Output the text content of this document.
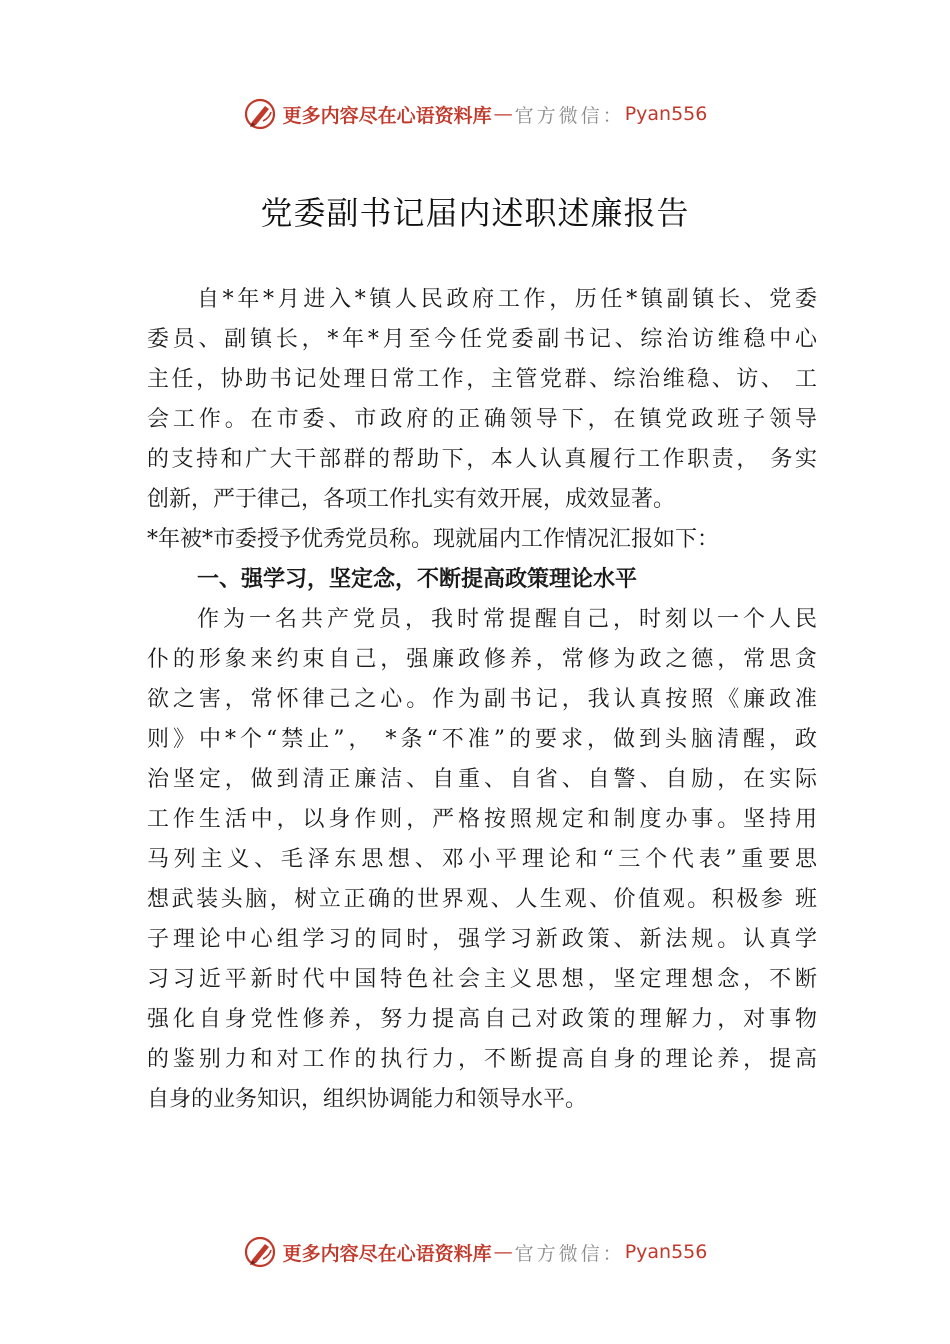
更多内容尽在心语资料库 — 官方微信： Pyan556
党委副书记届内述职述廉报告
自*年*月进入*镇人民政府工作，历任*镇副镇长、党委
委员、副镇长，*年*月至今任党委副书记、综治访维稳中心
主任，协助书记处理日常工作，主管党群、综治维稳、访、 工
会工作。在市委、市政府的正确领导下，在镇党政班子领导
的支持和广大干部群的帮助下，本人认真履行工作职责， 务实
创新，严于律己，各项工作扎实有效开展，成效显著。
*年被*市委授予优秀党员称。现就届内工作情况汇报如下：
一、强学习，坚定念，不断提高政策理论水平
作为一名共产党员，我时常提醒自己，时刻以一个人民
仆的形象来约束自己，强廉政修养，常修为政之德，常思贪
欲之害，常怀律己之心。作为副书记，我认真按照《廉政准
则》中*个“禁止”， *条“不准”的要求，做到头脑清醒，政
治坚定，做到清正廉洁、自重、自省、自警、自励，在实际
工作生活中，以身作则，严格按照规定和制度办事。坚持用
马列主义、毛泽东思想、邓小平理论和“三个代表”重要思
想武装头脑，树立正确的世界观、人生观、价值观。积极参 班
子理论中心组学习的同时，强学习新政策、新法规。认真学
习习近平新时代中国特色社会主义思想，坚定理想念，不断
强化自身党性修养，努力提高自己对政策的理解力，对事物
的鉴别力和对工作的执行力，不断提高自身的理论养，提高
自身的业务知识，组织协调能力和领导水平。
更多内容尽在心语资料库 — 官方微信： Pyan556
